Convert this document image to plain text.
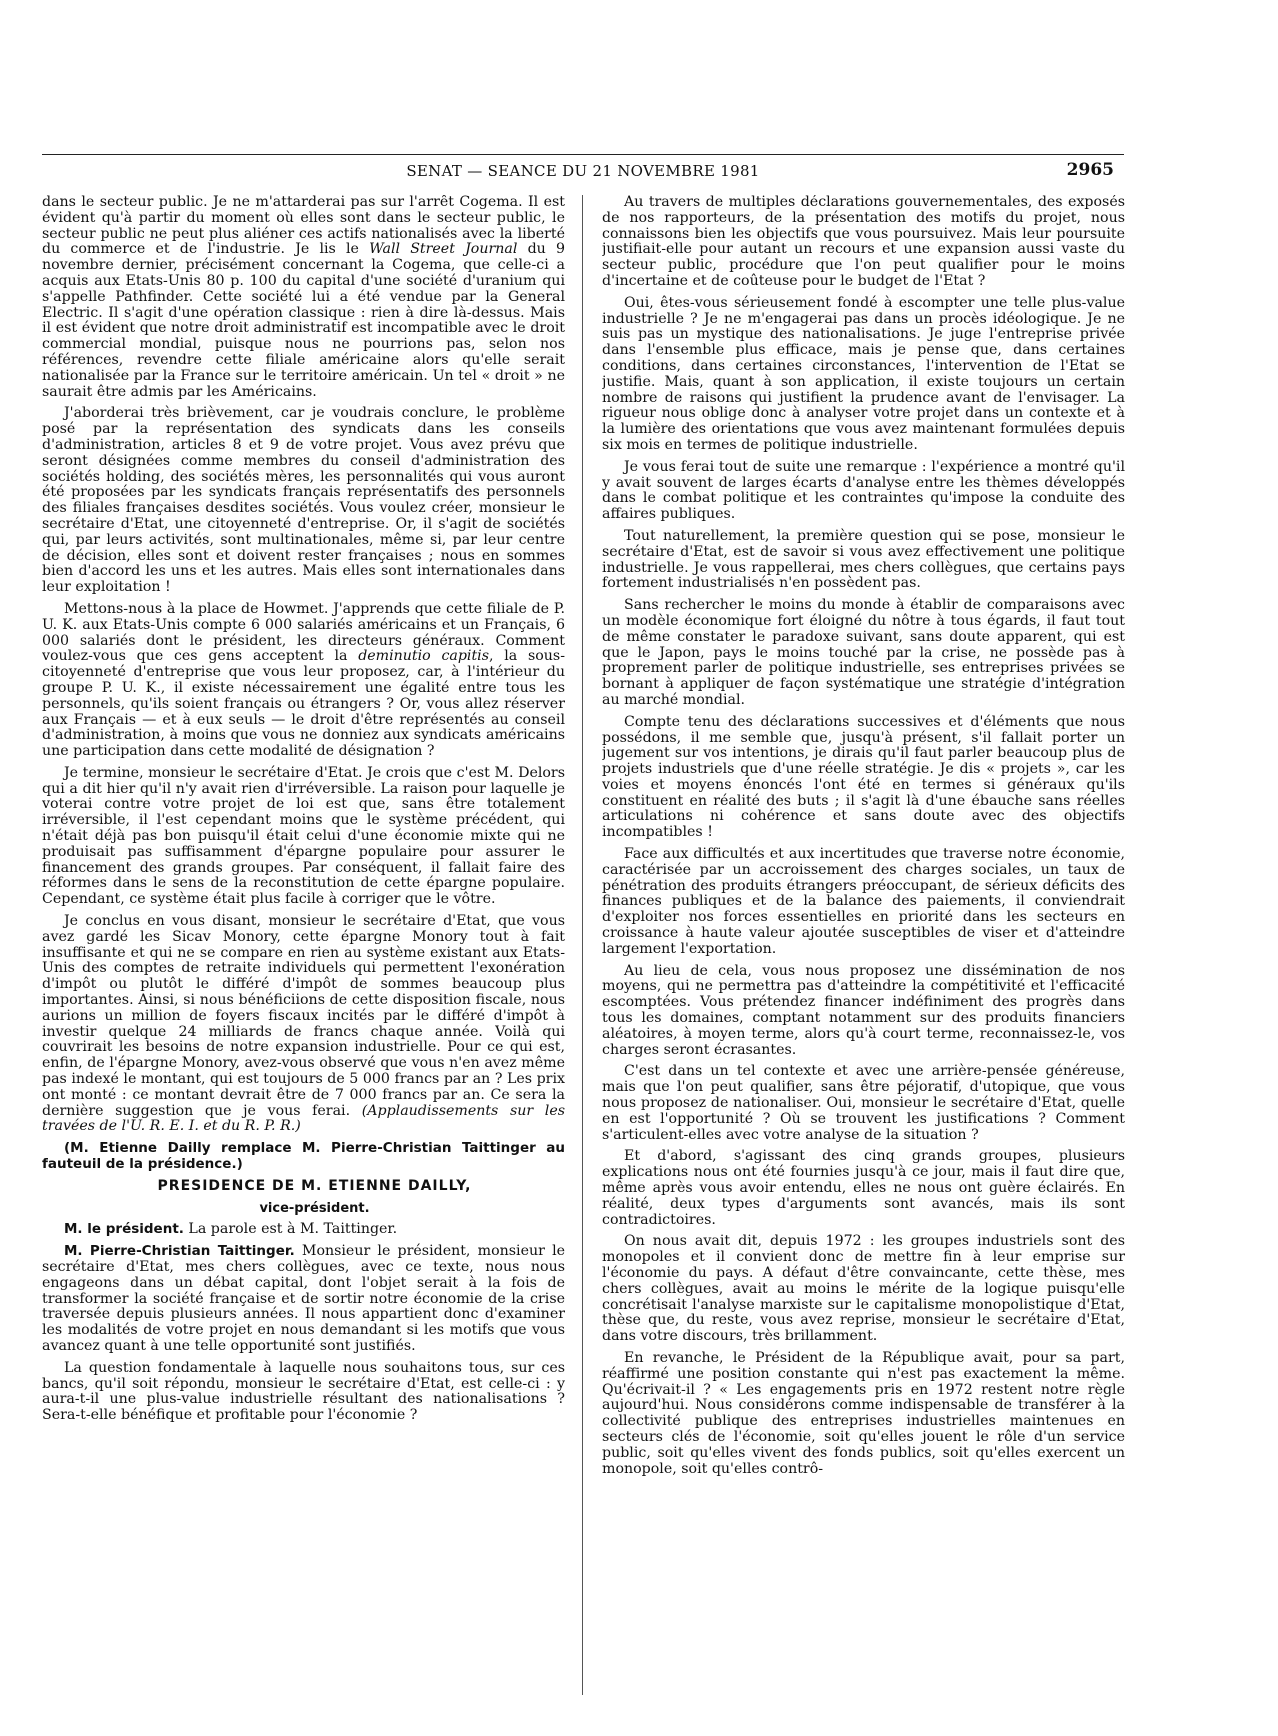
SENAT — SEANCE DU 21 NOVEMBRE 1981	2965

dans le secteur public. Je ne m'attarderai pas sur l'arrêt Cogema. Il est évident qu'à partir du moment où elles sont dans le secteur public, le secteur public ne peut plus aliéner ces actifs nationalisés avec la liberté du commerce et de l'industrie. Je lis le Wall Street Journal du 9 novembre dernier, précisément concernant la Cogema, que celle-ci a acquis aux Etats-Unis 80 p. 100 du capital d'une société d'uranium qui s'appelle Pathfinder. Cette société lui a été vendue par la General Electric. Il s'agit d'une opération classique : rien à dire là-dessus. Mais il est évident que notre droit administratif est incompatible avec le droit commercial mondial, puisque nous ne pourrions pas, selon nos références, revendre cette filiale américaine alors qu'elle serait nationalisée par la France sur le territoire américain. Un tel « droit » ne saurait être admis par les Américains.

J'aborderai très brièvement, car je voudrais conclure, le problème posé par la représentation des syndicats dans les conseils d'administration, articles 8 et 9 de votre projet. Vous avez prévu que seront désignées comme membres du conseil d'administration des sociétés holding, des sociétés mères, les personnalités qui vous auront été proposées par les syndicats français représentatifs des personnels des filiales françaises desdites sociétés. Vous voulez créer, monsieur le secrétaire d'Etat, une citoyenneté d'entreprise. Or, il s'agit de sociétés qui, par leurs activités, sont multinationales, même si, par leur centre de décision, elles sont et doivent rester françaises ; nous en sommes bien d'accord les uns et les autres. Mais elles sont internationales dans leur exploitation !

Mettons-nous à la place de Howmet. J'apprends que cette filiale de P. U. K. aux Etats-Unis compte 6 000 salariés américains et un Français, 6 000 salariés dont le président, les directeurs généraux. Comment voulez-vous que ces gens acceptent la deminutio capitis, la sous-citoyenneté d'entreprise que vous leur proposez, car, à l'intérieur du groupe P. U. K., il existe nécessairement une égalité entre tous les personnels, qu'ils soient français ou étrangers ? Or, vous allez réserver aux Français — et à eux seuls — le droit d'être représentés au conseil d'administration, à moins que vous ne donniez aux syndicats américains une participation dans cette modalité de désignation ?

Je termine, monsieur le secrétaire d'Etat. Je crois que c'est M. Delors qui a dit hier qu'il n'y avait rien d'irréversible. La raison pour laquelle je voterai contre votre projet de loi est que, sans être totalement irréversible, il l'est cependant moins que le système précédent, qui n'était déjà pas bon puisqu'il était celui d'une économie mixte qui ne produisait pas suffisamment d'épargne populaire pour assurer le financement des grands groupes. Par conséquent, il fallait faire des réformes dans le sens de la reconstitution de cette épargne populaire. Cependant, ce système était plus facile à corriger que le vôtre.

Je conclus en vous disant, monsieur le secrétaire d'Etat, que vous avez gardé les Sicav Monory, cette épargne Monory tout à fait insuffisante et qui ne se compare en rien au système existant aux Etats-Unis des comptes de retraite individuels qui permettent l'exonération d'impôt ou plutôt le différé d'impôt de sommes beaucoup plus importantes. Ainsi, si nous bénéficiions de cette disposition fiscale, nous aurions un million de foyers fiscaux incités par le différé d'impôt à investir quelque 24 milliards de francs chaque année. Voilà qui couvrirait les besoins de notre expansion industrielle. Pour ce qui est, enfin, de l'épargne Monory, avez-vous observé que vous n'en avez même pas indexé le montant, qui est toujours de 5 000 francs par an ? Les prix ont monté : ce montant devrait être de 7 000 francs par an. Ce sera la dernière suggestion que je vous ferai. (Applaudissements sur les travées de l'U. R. E. I. et du R. P. R.)

(M. Etienne Dailly remplace M. Pierre-Christian Taittinger au fauteuil de la présidence.)

PRESIDENCE DE M. ETIENNE DAILLY,

vice-président.

M. le président. La parole est à M. Taittinger.

M. Pierre-Christian Taittinger. Monsieur le président, monsieur le secrétaire d'Etat, mes chers collègues, avec ce texte, nous nous engageons dans un débat capital, dont l'objet serait à la fois de transformer la société française et de sortir notre économie de la crise traversée depuis plusieurs années. Il nous appartient donc d'examiner les modalités de votre projet en nous demandant si les motifs que vous avancez quant à une telle opportunité sont justifiés.

La question fondamentale à laquelle nous souhaitons tous, sur ces bancs, qu'il soit répondu, monsieur le secrétaire d'Etat, est celle-ci : y aura-t-il une plus-value industrielle résultant des nationalisations ? Sera-t-elle bénéfique et profitable pour l'économie ?

Au travers de multiples déclarations gouvernementales, des exposés de nos rapporteurs, de la présentation des motifs du projet, nous connaissons bien les objectifs que vous poursuivez. Mais leur poursuite justifiait-elle pour autant un recours et une expansion aussi vaste du secteur public, procédure que l'on peut qualifier pour le moins d'incertaine et de coûteuse pour le budget de l'Etat ?

Oui, êtes-vous sérieusement fondé à escompter une telle plus-value industrielle ? Je ne m'engagerai pas dans un procès idéologique. Je ne suis pas un mystique des nationalisations. Je juge l'entreprise privée dans l'ensemble plus efficace, mais je pense que, dans certaines conditions, dans certaines circonstances, l'intervention de l'Etat se justifie. Mais, quant à son application, il existe toujours un certain nombre de raisons qui justifient la prudence avant de l'envisager. La rigueur nous oblige donc à analyser votre projet dans un contexte et à la lumière des orientations que vous avez maintenant formulées depuis six mois en termes de politique industrielle.

Je vous ferai tout de suite une remarque : l'expérience a montré qu'il y avait souvent de larges écarts d'analyse entre les thèmes développés dans le combat politique et les contraintes qu'impose la conduite des affaires publiques.

Tout naturellement, la première question qui se pose, monsieur le secrétaire d'Etat, est de savoir si vous avez effectivement une politique industrielle. Je vous rappellerai, mes chers collègues, que certains pays fortement industrialisés n'en possèdent pas.

Sans rechercher le moins du monde à établir de comparaisons avec un modèle économique fort éloigné du nôtre à tous égards, il faut tout de même constater le paradoxe suivant, sans doute apparent, qui est que le Japon, pays le moins touché par la crise, ne possède pas à proprement parler de politique industrielle, ses entreprises privées se bornant à appliquer de façon systématique une stratégie d'intégration au marché mondial.

Compte tenu des déclarations successives et d'éléments que nous possédons, il me semble que, jusqu'à présent, s'il fallait porter un jugement sur vos intentions, je dirais qu'il faut parler beaucoup plus de projets industriels que d'une réelle stratégie. Je dis « projets », car les voies et moyens énoncés l'ont été en termes si généraux qu'ils constituent en réalité des buts ; il s'agit là d'une ébauche sans réelles articulations ni cohérence et sans doute avec des objectifs incompatibles !

Face aux difficultés et aux incertitudes que traverse notre économie, caractérisée par un accroissement des charges sociales, un taux de pénétration des produits étrangers préoccupant, de sérieux déficits des finances publiques et de la balance des paiements, il conviendrait d'exploiter nos forces essentielles en priorité dans les secteurs en croissance à haute valeur ajoutée susceptibles de viser et d'atteindre largement l'exportation.

Au lieu de cela, vous nous proposez une dissémination de nos moyens, qui ne permettra pas d'atteindre la compétitivité et l'efficacité escomptées. Vous prétendez financer indéfiniment des progrès dans tous les domaines, comptant notamment sur des produits financiers aléatoires, à moyen terme, alors qu'à court terme, reconnaissez-le, vos charges seront écrasantes.

C'est dans un tel contexte et avec une arrière-pensée généreuse, mais que l'on peut qualifier, sans être péjoratif, d'utopique, que vous nous proposez de nationaliser. Oui, monsieur le secrétaire d'Etat, quelle en est l'opportunité ? Où se trouvent les justifications ? Comment s'articulent-elles avec votre analyse de la situation ?

Et d'abord, s'agissant des cinq grands groupes, plusieurs explications nous ont été fournies jusqu'à ce jour, mais il faut dire que, même après vous avoir entendu, elles ne nous ont guère éclairés. En réalité, deux types d'arguments sont avancés, mais ils sont contradictoires.

On nous avait dit, depuis 1972 : les groupes industriels sont des monopoles et il convient donc de mettre fin à leur emprise sur l'économie du pays. A défaut d'être convaincante, cette thèse, mes chers collègues, avait au moins le mérite de la logique puisqu'elle concrétisait l'analyse marxiste sur le capitalisme monopolistique d'Etat, thèse que, du reste, vous avez reprise, monsieur le secrétaire d'Etat, dans votre discours, très brillamment.

En revanche, le Président de la République avait, pour sa part, réaffirmé une position constante qui n'est pas exactement la même. Qu'écrivait-il ? « Les engagements pris en 1972 restent notre règle aujourd'hui. Nous considérons comme indispensable de transférer à la collectivité publique des entreprises industrielles maintenues en secteurs clés de l'économie, soit qu'elles jouent le rôle d'un service public, soit qu'elles vivent des fonds publics, soit qu'elles exercent un monopole, soit qu'elles contrô-
